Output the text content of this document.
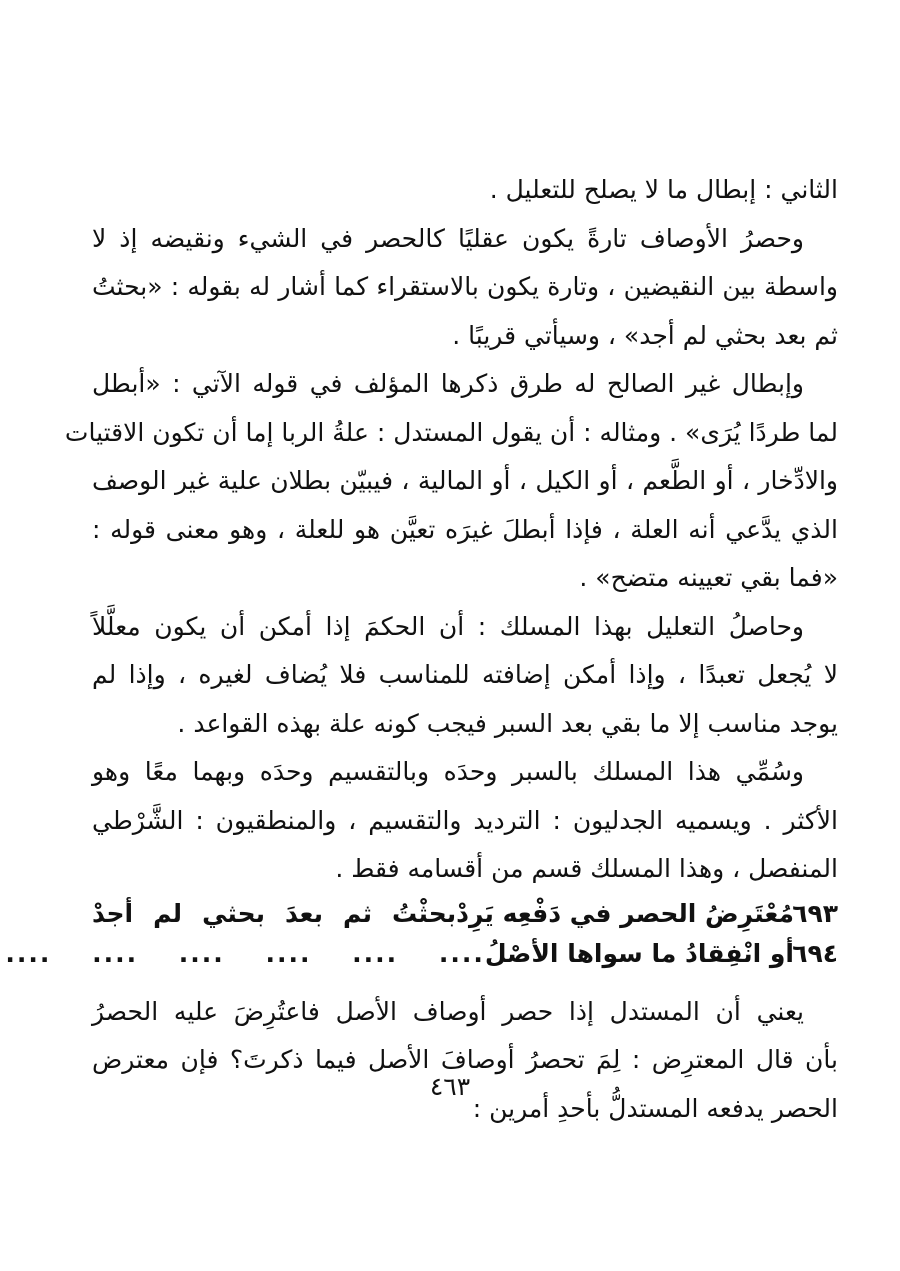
الثاني : إبطال ما لا يصلح للتعليل .
وحصرُ الأوصاف تارةً يكون عقليًا كالحصر في الشيء ونقيضه إذ لا
واسطة بين النقيضين ، وتارة يكون بالاستقراء كما أشار له بقوله : «بحثتُ
ثم بعد بحثي لم أجد» ، وسيأتي قريبًا .
وإبطال غير الصالح له طرق ذكرها المؤلف في قوله الآتي : «أبطل
لما طردًا يُرَى» . ومثاله : أن يقول المستدل : علةُ الربا إما أن تكون الاقتيات
والادِّخار ، أو الطَّعم ، أو الكيل ، أو المالية ، فيبيّن بطلان علية غير الوصف
الذي يدَّعي أنه العلة ، فإذا أبطلَ غيرَه تعيَّن هو للعلة ، وهو معنى قوله :
«فما بقي تعيينه متضح» .
وحاصلُ التعليل بهذا المسلك : أن الحكمَ إذا أمكن أن يكون معلَّلاً
لا يُجعل تعبدًا ، وإذا أمكن إضافته للمناسب فلا يُضاف لغيره ، وإذا لم
يوجد مناسب إلا ما بقي بعد السبر فيجب كونه علة بهذه القواعد .
وسُمِّي هذا المسلك بالسبر وحدَه وبالتقسيم وحدَه وبهما معًا وهو
الأكثر . ويسميه الجدليون : الترديد والتقسيم ، والمنطقيون : الشَّرْطي
المنفصل ، وهذا المسلك قسم من أقسامه فقط .
٦٩٣
مُعْتَرِضُ الحصر في دَفْعِه يَرِدْ
بحثْتُ ثم بعدَ بحثي لم أجدْ
٦٩٤
أو انْفِقادُ ما سواها الأصْلُ
.... .... .... .... .... ....
يعني أن المستدل إذا حصر أوصاف الأصل فاعتُرِضَ عليه الحصرُ
بأن قال المعترِض : لِمَ تحصرُ أوصافَ الأصل فيما ذكرتَ؟ فإن معترض
الحصر يدفعه المستدلُّ بأحدِ أمرين :
٤٦٣
